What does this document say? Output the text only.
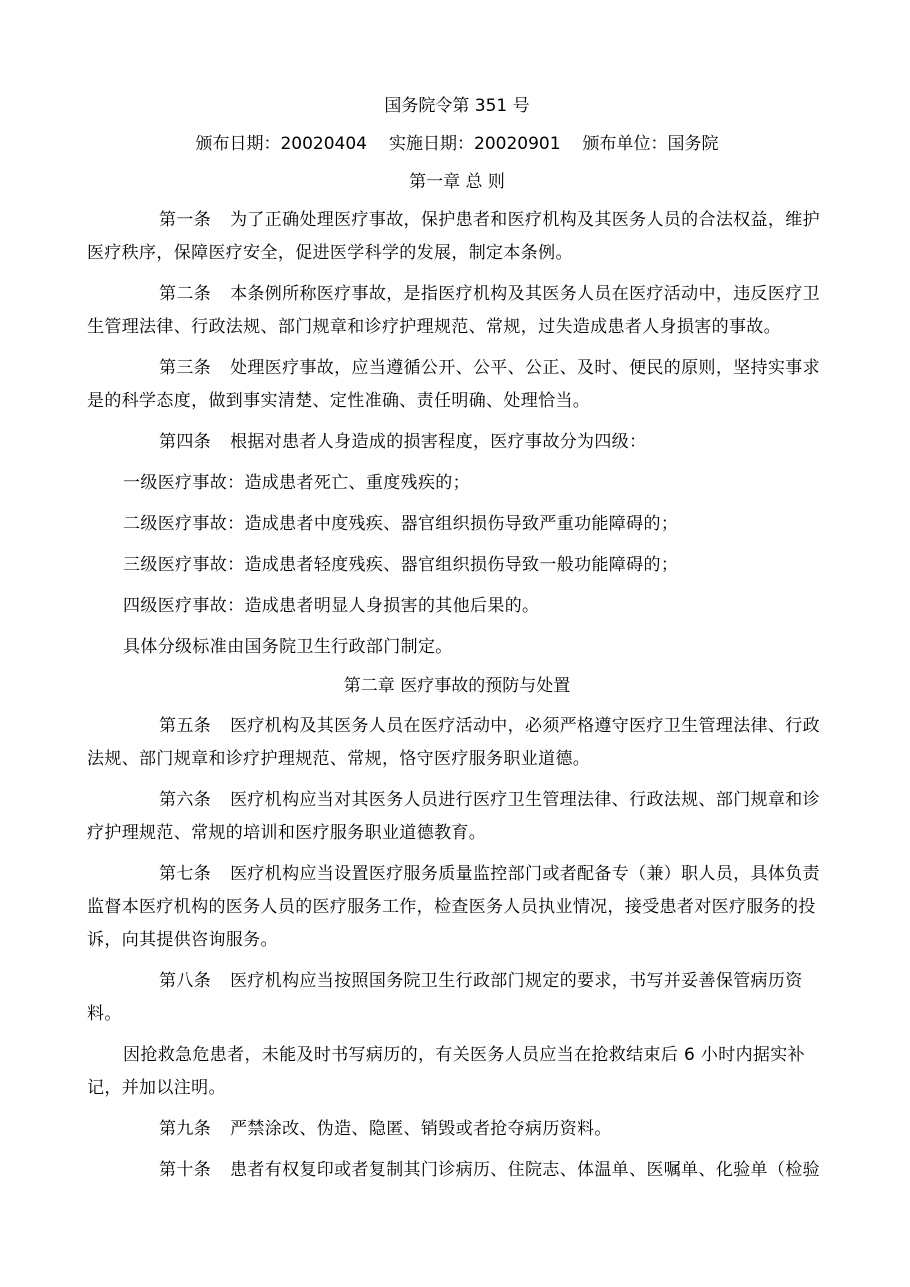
国务院令第 351 号

颁布日期：20020404 实施日期：20020901 颁布单位：国务院

第一章 总 则

第一条 为了正确处理医疗事故，保护患者和医疗机构及其医务人员的合法权益，维护医疗秩序，保障医疗安全，促进医学科学的发展，制定本条例。

第二条 本条例所称医疗事故，是指医疗机构及其医务人员在医疗活动中，违反医疗卫生管理法律、行政法规、部门规章和诊疗护理规范、常规，过失造成患者人身损害的事故。

第三条 处理医疗事故，应当遵循公开、公平、公正、及时、便民的原则，坚持实事求是的科学态度，做到事实清楚、定性准确、责任明确、处理恰当。

第四条 根据对患者人身造成的损害程度，医疗事故分为四级：

一级医疗事故：造成患者死亡、重度残疾的；

二级医疗事故：造成患者中度残疾、器官组织损伤导致严重功能障碍的；

三级医疗事故：造成患者轻度残疾、器官组织损伤导致一般功能障碍的；

四级医疗事故：造成患者明显人身损害的其他后果的。

具体分级标准由国务院卫生行政部门制定。

第二章 医疗事故的预防与处置

第五条 医疗机构及其医务人员在医疗活动中，必须严格遵守医疗卫生管理法律、行政法规、部门规章和诊疗护理规范、常规，恪守医疗服务职业道德。

第六条 医疗机构应当对其医务人员进行医疗卫生管理法律、行政法规、部门规章和诊疗护理规范、常规的培训和医疗服务职业道德教育。

第七条 医疗机构应当设置医疗服务质量监控部门或者配备专（兼）职人员，具体负责监督本医疗机构的医务人员的医疗服务工作，检查医务人员执业情况，接受患者对医疗服务的投诉，向其提供咨询服务。

第八条 医疗机构应当按照国务院卫生行政部门规定的要求，书写并妥善保管病历资料。

因抢救急危患者，未能及时书写病历的，有关医务人员应当在抢救结束后 6 小时内据实补记，并加以注明。

第九条 严禁涂改、伪造、隐匿、销毁或者抢夺病历资料。

第十条 患者有权复印或者复制其门诊病历、住院志、体温单、医嘱单、化验单（检验
